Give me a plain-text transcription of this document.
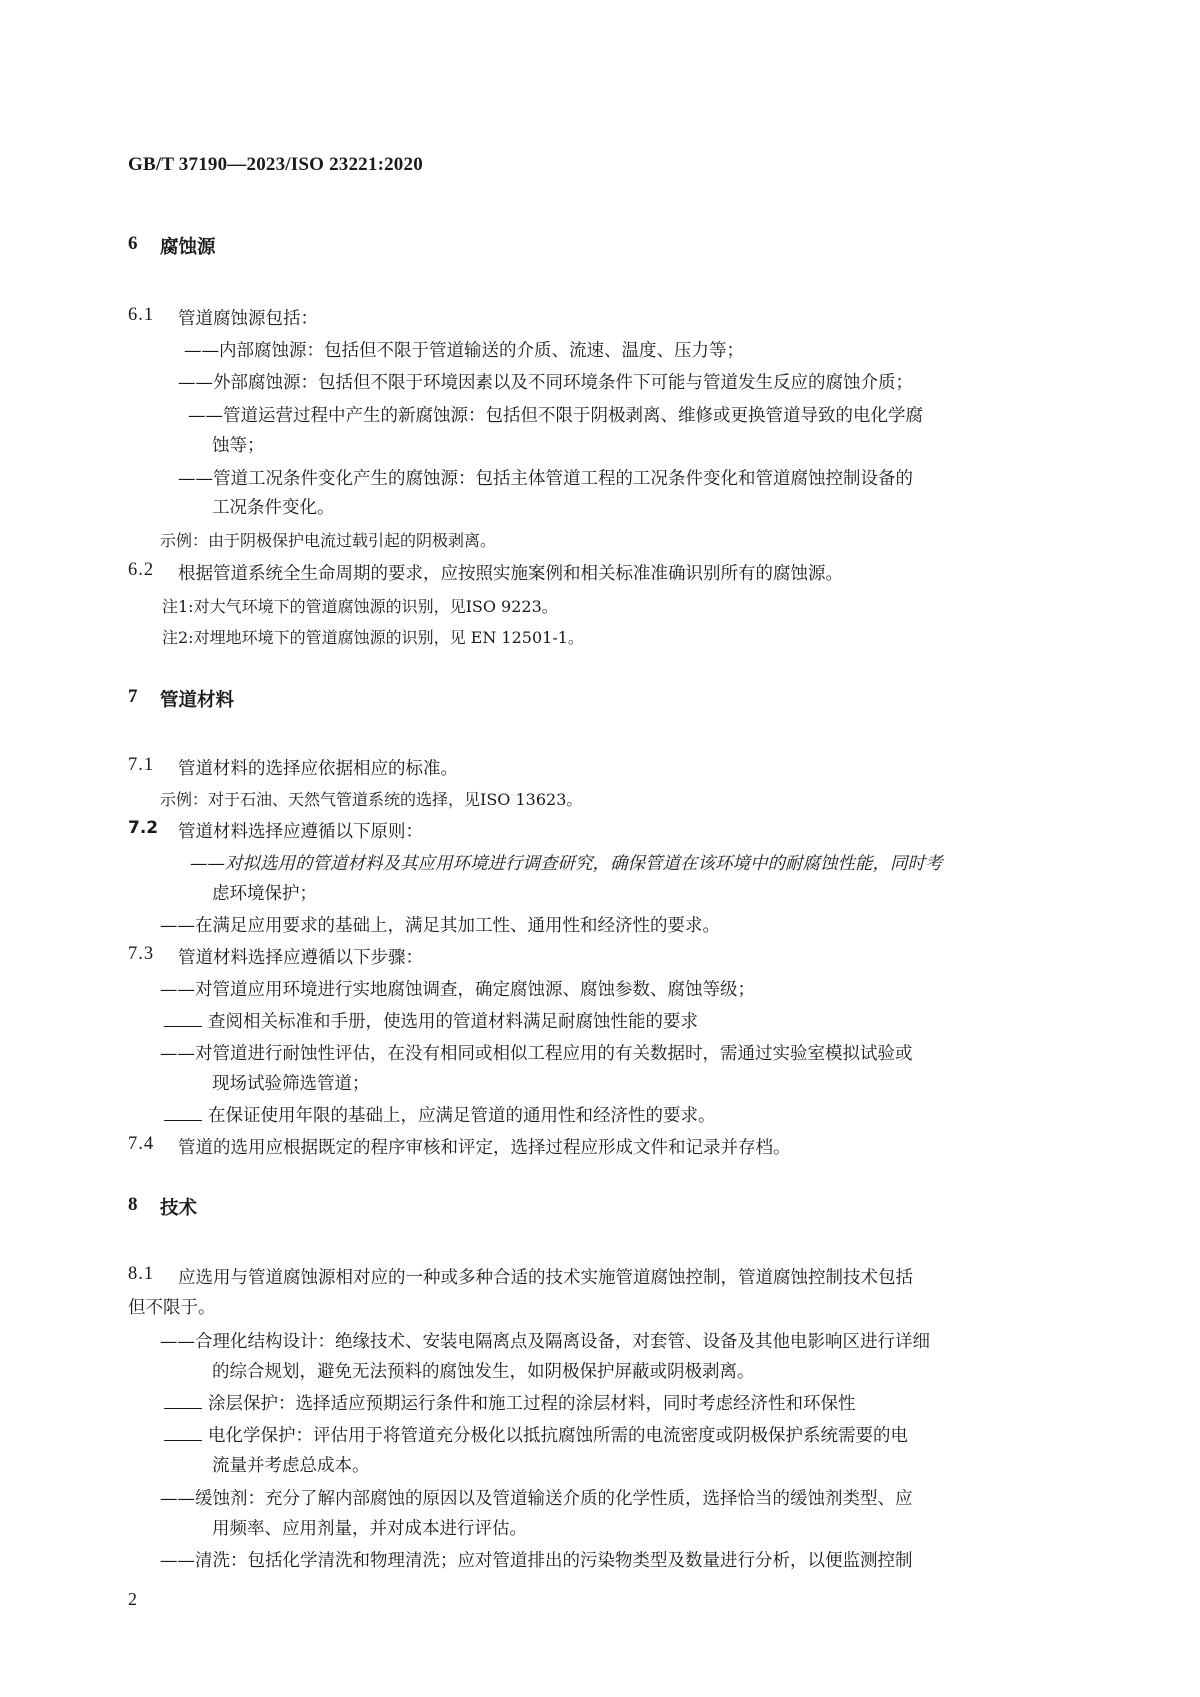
GB/T 37190—2023/ISO 23221:2020
6 腐蚀源
6.1 管道腐蚀源包括：
——内部腐蚀源：包括但不限于管道输送的介质、流速、温度、压力等；
——外部腐蚀源：包括但不限于环境因素以及不同环境条件下可能与管道发生反应的腐蚀介质；
——管道运营过程中产生的新腐蚀源：包括但不限于阴极剥离、维修或更换管道导致的电化学腐
蚀等；
——管道工况条件变化产生的腐蚀源：包括主体管道工程的工况条件变化和管道腐蚀控制设备的
工况条件变化。
示例：由于阴极保护电流过载引起的阴极剥离。
6.2 根据管道系统全生命周期的要求，应按照实施案例和相关标准准确识别所有的腐蚀源。
注1:对大气环境下的管道腐蚀源的识别，见ISO 9223。
注2:对埋地环境下的管道腐蚀源的识别，见 EN 12501-1。
7 管道材料
7.1 管道材料的选择应依据相应的标准。
示例：对于石油、天然气管道系统的选择，见ISO 13623。
7.2 管道材料选择应遵循以下原则：
——对拟选用的管道材料及其应用环境进行调查研究，确保管道在该环境中的耐腐蚀性能，同时考
虑环境保护；
——在满足应用要求的基础上，满足其加工性、通用性和经济性的要求。
7.3 管道材料选择应遵循以下步骤：
——对管道应用环境进行实地腐蚀调查，确定腐蚀源、腐蚀参数、腐蚀等级；
查阅相关标准和手册，使选用的管道材料满足耐腐蚀性能的要求
——对管道进行耐蚀性评估，在没有相同或相似工程应用的有关数据时，需通过实验室模拟试验或
现场试验筛选管道；
在保证使用年限的基础上，应满足管道的通用性和经济性的要求。
7.4 管道的选用应根据既定的程序审核和评定，选择过程应形成文件和记录并存档。
8 技术
8.1 应选用与管道腐蚀源相对应的一种或多种合适的技术实施管道腐蚀控制，管道腐蚀控制技术包括
但不限于。
——合理化结构设计：绝缘技术、安装电隔离点及隔离设备，对套管、设备及其他电影响区进行详细
的综合规划，避免无法预料的腐蚀发生，如阴极保护屏蔽或阴极剥离。
涂层保护：选择适应预期运行条件和施工过程的涂层材料，同时考虑经济性和环保性
电化学保护：评估用于将管道充分极化以抵抗腐蚀所需的电流密度或阴极保护系统需要的电
流量并考虑总成本。
——缓蚀剂：充分了解内部腐蚀的原因以及管道输送介质的化学性质，选择恰当的缓蚀剂类型、应
用频率、应用剂量，并对成本进行评估。
——清洗：包括化学清洗和物理清洗；应对管道排出的污染物类型及数量进行分析，以便监测控制
2
